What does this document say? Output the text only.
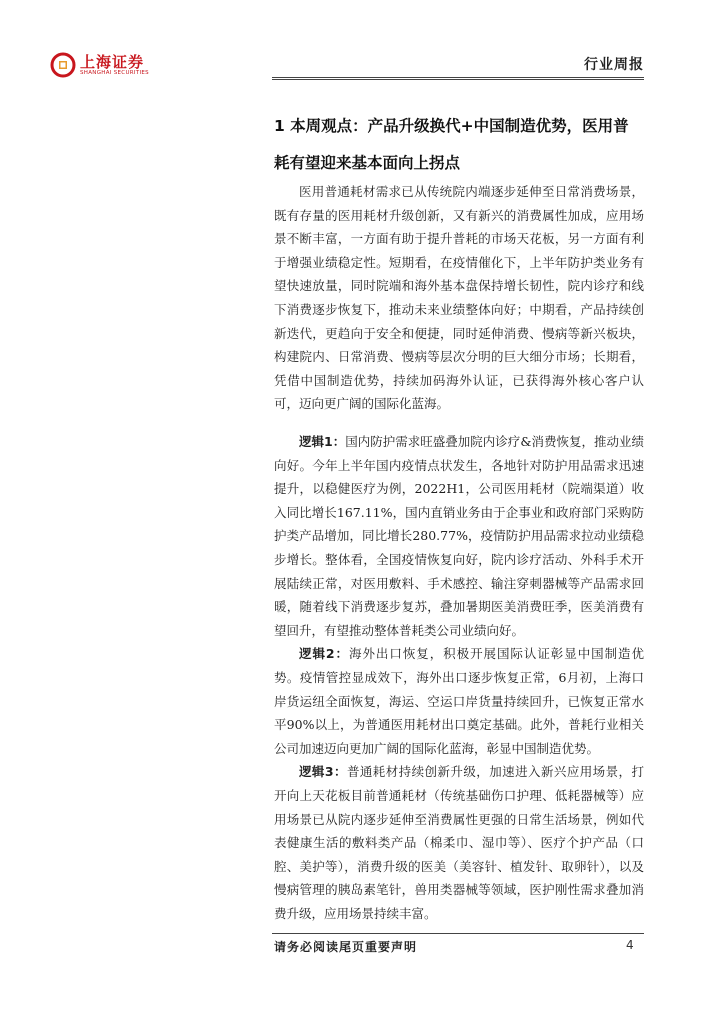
上海证券
SHANGHAI SECURITIES	行业周报
1 本周观点：产品升级换代+中国制造优势，医用普耗有望迎来基本面向上拐点
医用普通耗材需求已从传统院内端逐步延伸至日常消费场景，既有存量的医用耗材升级创新，又有新兴的消费属性加成，应用场景不断丰富，一方面有助于提升普耗的市场天花板，另一方面有利于增强业绩稳定性。短期看，在疫情催化下，上半年防护类业务有望快速放量，同时院端和海外基本盘保持增长韧性，院内诊疗和线下消费逐步恢复下，推动未来业绩整体向好；中期看，产品持续创新迭代，更趋向于安全和便捷，同时延伸消费、慢病等新兴板块，构建院内、日常消费、慢病等层次分明的巨大细分市场；长期看，凭借中国制造优势，持续加码海外认证，已获得海外核心客户认可，迈向更广阔的国际化蓝海。

逻辑1：国内防护需求旺盛叠加院内诊疗&消费恢复，推动业绩向好。今年上半年国内疫情点状发生，各地针对防护用品需求迅速提升，以稳健医疗为例，2022H1，公司医用耗材（院端渠道）收入同比增长167.11%，国内直销业务由于企事业和政府部门采购防护类产品增加，同比增长280.77%，疫情防护用品需求拉动业绩稳步增长。整体看，全国疫情恢复向好，院内诊疗活动、外科手术开展陆续正常，对医用敷料、手术感控、输注穿刺器械等产品需求回暖，随着线下消费逐步复苏，叠加暑期医美消费旺季，医美消费有望回升，有望推动整体普耗类公司业绩向好。

逻辑2：海外出口恢复，积极开展国际认证彰显中国制造优势。疫情管控显成效下，海外出口逐步恢复正常，6月初，上海口岸货运纽全面恢复，海运、空运口岸货量持续回升，已恢复正常水平90%以上，为普通医用耗材出口奠定基础。此外，普耗行业相关公司加速迈向更加广阔的国际化蓝海，彰显中国制造优势。

逻辑3：普通耗材持续创新升级，加速进入新兴应用场景，打开向上天花板目前普通耗材（传统基础伤口护理、低耗器械等）应用场景已从院内逐步延伸至消费属性更强的日常生活场景，例如代表健康生活的敷料类产品（棉柔巾、湿巾等）、医疗个护产品（口腔、美护等），消费升级的医美（美容针、植发针、取卵针），以及慢病管理的胰岛素笔针，兽用类器械等领域，医护刚性需求叠加消费升级，应用场景持续丰富。

请务必阅读尾页重要声明	4
